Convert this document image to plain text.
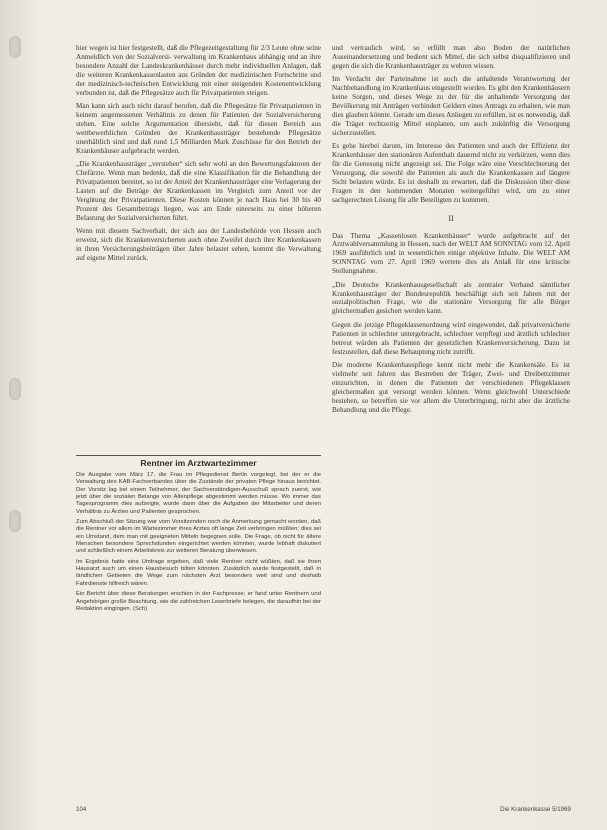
hier wegen ist hier festgestellt, daß die Pflegezeitgestaltung für 2/3 Leute ohne seine Anmeldlich von der Sozialversi- verwaltung im Krankenhaus abhängig und an ihre besondere Anzahl der Landeskrankenhäuser durch mehr individuellen Anlagen, daß die weiteren Krankenkassenlasten aus Gründen der medizinischen Fortschritte und der medizinisch-technischen Entwicklung mit einer steigenden Kostenentwicklung verbunden ist, daß die Pflegesätze auch für Privatpatienten steigen.

Man kann sich auch nicht darauf berufen, daß die Pflegesätze für Privatpatienten in keinem angemessenen Verhältnis zu denen für Patienten der Sozialversicherung stehen. Eine solche Argumentation übersieht, daß für diesen Bereich aus wettbewerblichen Gründen der Krankenhausträger bestehende Pflegesätze unerhältlich sind und daß rund 1,5 Milliarden Mark Zuschüsse für den Betrieb der Krankenhäuser aufgebracht werden.

„Die Krankenhausträger „verstehen“ sich sehr wohl an den Bewertungsfaktoren der Chefärzte. Wenn man bedenkt, daß die eine Klassifikation für die Behandlung der Privatpatienten bereitet, so ist der Anteil der Krankenhausträger eine Verlagerung der Lasten auf die Beträge der Krankenkassen im Vergleich zum Anteil vor der Vergütung der Privatpatienten. Diese Kosten können je nach Haus bei 30 bis 40 Prozent des Gesamtbetrags liegen, was am Ende einerseits zu einer höheren Belastung der Sozialversicherten führt.

Wenn mit diesem Sachverhalt, der sich aus der Landesbehörde von Hessen auch erweist, sich die Krankenversicherten auch ohne Zweifel durch ihre Krankenkassen in ihren Versicherungsbeiträgen über Jahre belastet sehen, kommt die Verwaltung auf eigene Mittel zurück.

Rentner im Arztwartezimmer

Die Ausgabe vom März 17, die Frau im Pflegedienst Berlin vorgelegt, bei der er die Verwaltung des KAB-Fachverbandes über die Zustände der privaten Pflege hinaus berichtet. Der Vorsitz lag bei einem Teilnehmer, der Sachverständigen-Ausschuß sprach zuerst, wie jetzt über die sozialen Belange von Altenpflege abgestimmt werden müsse. Wo immer das Tagesprogramm dies aufzeigte, wurde dann über die Aufgaben der Mitarbeiter und deren Verhältnis zu Ärzten und Patienten gesprochen.

Zum Abschluß der Sitzung war vom Vorsitzenden noch die Anmerkung gemacht worden, daß die Rentner vor allem im Wartezimmer ihres Arztes oft lange Zeit verbringen müßten; dies sei ein Umstand, dem man mit geeigneten Mitteln begegnen solle. Die Frage, ob nicht für ältere Menschen besondere Sprechstunden eingerichtet werden könnten, wurde lebhaft diskutiert und schließlich einem Arbeitskreis zur weiteren Beratung überwiesen.

Im Ergebnis hatte eine Umfrage ergeben, daß viele Rentner nicht wüßten, daß sie ihren Hausarzt auch um einen Hausbesuch bitten könnten. Zusätzlich wurde festgestellt, daß in ländlichen Gebieten die Wege zum nächsten Arzt besonders weit sind und deshalb Fahrdienste hilfreich wären.

Ein Bericht über diese Beratungen erschien in der Fachpresse; er fand unter Rentnern und Angehörigen große Beachtung, wie die zahlreichen Leserbriefe belegen, die daraufhin bei der Redaktion eingingen. (Sch)

und vertraulich wird, so erfüllt man also Boden der natürlichen Auseinandersetzung und bedient sich Mittel, die sich selbst disqualifizieren und gegen die sich die Krankenhausträger zu wehren wissen.

Im Verdacht der Parteinahme ist auch die anhaltende Verantwortung der Nachbehandlung im Krankenhaus eingestellt worden. Es gibt den Krankenhäusern keine Sorgen, und dieses Wege zu der für die anhaltende Versorgung der Bevölkerung mit Anträgen verhindert Geldern eines Antrags zu erhalten, wie man dies glauben könnte. Gerade um dieses Anliegen zu erfüllen, ist es notwendig, daß die Träger rechtzeitig Mittel einplanen, um auch zukünftig die Versorgung sicherzustellen.

Es gehe hierbei darum, im Interesse des Patienten und auch der Effizienz der Krankenhäuser den stationären Aufenthalt dauernd nicht zu verkürzen, wenn dies für die Genesung nicht angezeigt sei. Die Folge wäre eine Verschlechterung der Versorgung, die sowohl die Patienten als auch die Krankenkassen auf längere Sicht belasten würde. Es ist deshalb zu erwarten, daß die Diskussion über diese Fragen in den kommenden Monaten weitergeführt wird, um zu einer sachgerechten Lösung für alle Beteiligten zu kommen.

II

Das Thema „Kassenlosen Krankenhäuser“ wurde aufgebracht auf der Arztwahlversammlung in Hessen, nach der WELT AM SONNTAG vom 12. April 1969 ausführlich und in wesentlichen einige objektive Inhalte. Die WELT AM SONNTAG vom 27. April 1969 wertete dies als Anlaß für eine kritische Stellungnahme.

„Die Deutsche Krankenhausgesellschaft als zentraler Verband sämtlicher Krankenhausträger der Bundesrepublik beschäftigt sich seit Jahren mit der sozialpolitischen Frage, wie die stationäre Versorgung für alle Bürger gleichermaßen gesichert werden kann.

Gegen die jetzige Pflegeklassenordnung wird eingewendet, daß privatversicherte Patienten in schlechter untergebracht, schlechter verpflegt und ärztlich schlechter betreut würden als Patienten der gesetzlichen Krankenversicherung. Dazu ist festzustellen, daß diese Behauptung nicht zutrifft.

Die moderne Krankenhauspflege kennt nicht mehr die Krankensäle. Es ist vielmehr seit Jahren das Bestreben der Träger, Zwei- und Dreibettzimmer einzurichten, in denen die Patienten der verschiedenen Pflegeklassen gleichermaßen gut versorgt werden können. Wenn gleichwohl Unterschiede bestehen, so betreffen sie vor allem die Unterbringung, nicht aber die ärztliche Behandlung und die Pflege.

104	Die Krankenkasse 5/1969
